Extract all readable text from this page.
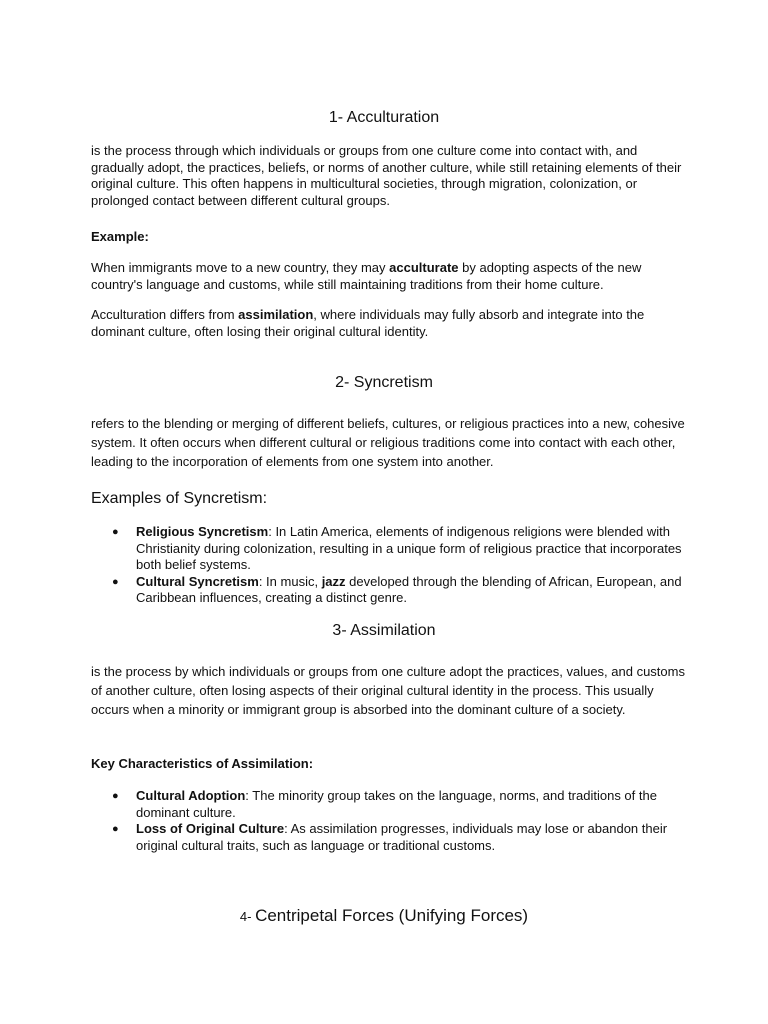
1- Acculturation

is the process through which individuals or groups from one culture come into contact with, and gradually adopt, the practices, beliefs, or norms of another culture, while still retaining elements of their original culture. This often happens in multicultural societies, through migration, colonization, or prolonged contact between different cultural groups.

Example:

When immigrants move to a new country, they may acculturate by adopting aspects of the new country's language and customs, while still maintaining traditions from their home culture.

Acculturation differs from assimilation, where individuals may fully absorb and integrate into the dominant culture, often losing their original cultural identity.

2- Syncretism

refers to the blending or merging of different beliefs, cultures, or religious practices into a new, cohesive system. It often occurs when different cultural or religious traditions come into contact with each other, leading to the incorporation of elements from one system into another.

Examples of Syncretism:

● Religious Syncretism: In Latin America, elements of indigenous religions were blended with Christianity during colonization, resulting in a unique form of religious practice that incorporates both belief systems.
● Cultural Syncretism: In music, jazz developed through the blending of African, European, and Caribbean influences, creating a distinct genre.
3- Assimilation

is the process by which individuals or groups from one culture adopt the practices, values, and customs of another culture, often losing aspects of their original cultural identity in the process. This usually occurs when a minority or immigrant group is absorbed into the dominant culture of a society.

Key Characteristics of Assimilation:

● Cultural Adoption: The minority group takes on the language, norms, and traditions of the dominant culture.
● Loss of Original Culture: As assimilation progresses, individuals may lose or abandon their original cultural traits, such as language or traditional customs.
4- Centripetal Forces (Unifying Forces)
